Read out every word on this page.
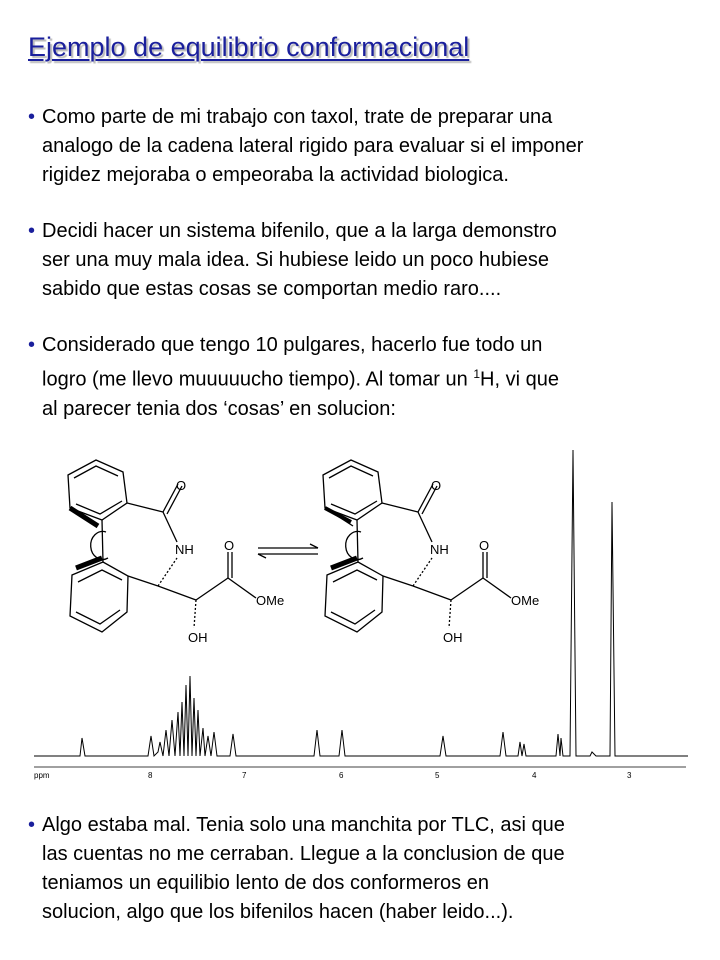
Ejemplo de equilibrio conformacional
• Como parte de mi trabajo con taxol, trate de preparar una
analogo de la cadena lateral rigido para evaluar si el imponer
rigidez mejoraba o empeoraba la actividad biologica.
• Decidi hacer un sistema bifenilo, que a la larga demonstro
ser una muy mala idea. Si hubiese leido un poco hubiese
sabido que estas cosas se comportan medio raro....
• Considerado que tengo 10 pulgares, hacerlo fue todo un
logro (me llevo muuuuucho tiempo). Al tomar un $^1$H, vi que
al parecer tenia dos ‘cosas’ en solucion:
O
NH O
OMe
OH
O
NH O
OMe
OH
ppm	8	7	6	5	4	3
• Algo estaba mal. Tenia solo una manchita por TLC, asi que
las cuentas no me cerraban. Llegue a la conclusion de que
teniamos un equilibio lento de dos conformeros en
solucion, algo que los bifenilos hacen (haber leido...).
